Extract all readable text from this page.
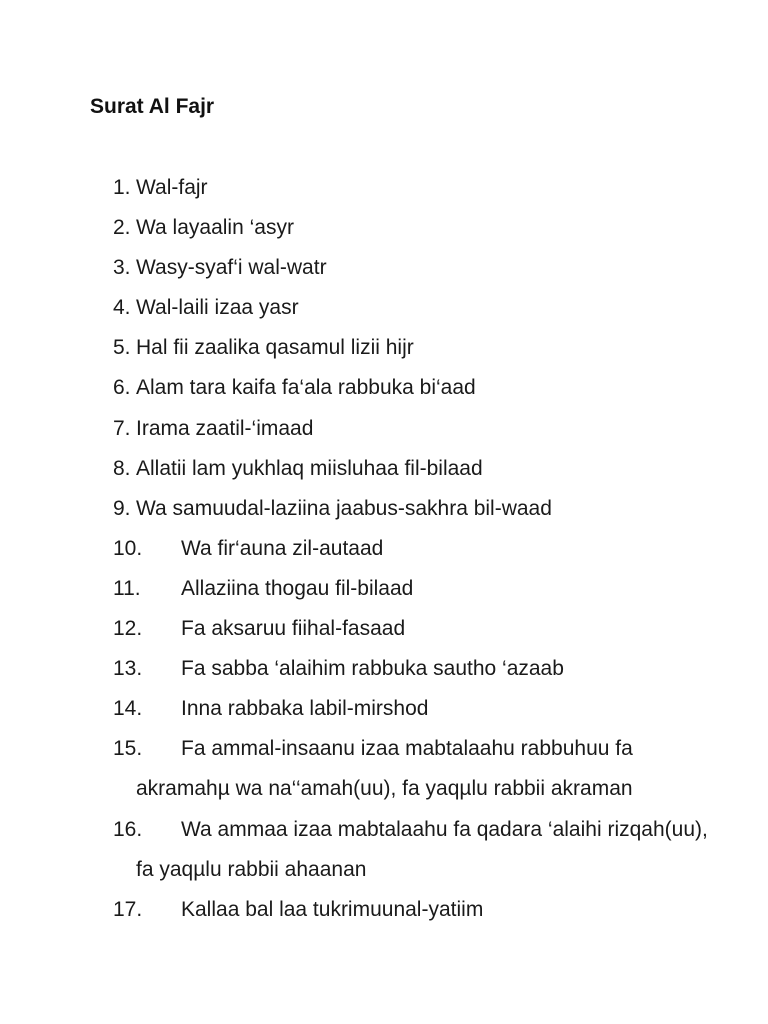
Surat Al Fajr
1. Wal-fajr
2. Wa layaalin ‘asyr
3. Wasy-syaf‘i wal-watr
4. Wal-laili izaa yasr
5. Hal fii zaalika qasamul lizii hijr
6. Alam tara kaifa fa‘ala rabbuka bi‘aad
7. Irama zaatil-‘imaad
8. Allatii lam yukhlaq miisluhaa fil-bilaad
9. Wa samuudal-laziina jaabus-sakhra bil-waad
10. Wa fir‘auna zil-autaad
11. Allaziina thogau fil-bilaad
12. Fa aksaruu fiihal-fasaad
13. Fa sabba ‘alaihim rabbuka sautho ‘azaab
14. Inna rabbaka labil-mirshod
15. Fa ammal-insaanu izaa mabtalaahu rabbuhuu fa akramahµ wa na‘‘amah(uu), fa yaqµlu rabbii akraman
16. Wa ammaa izaa mabtalaahu fa qadara ‘alaihi rizqah(uu), fa yaqµlu rabbii ahaanan
17. Kallaa bal laa tukrimuunal-yatiim
